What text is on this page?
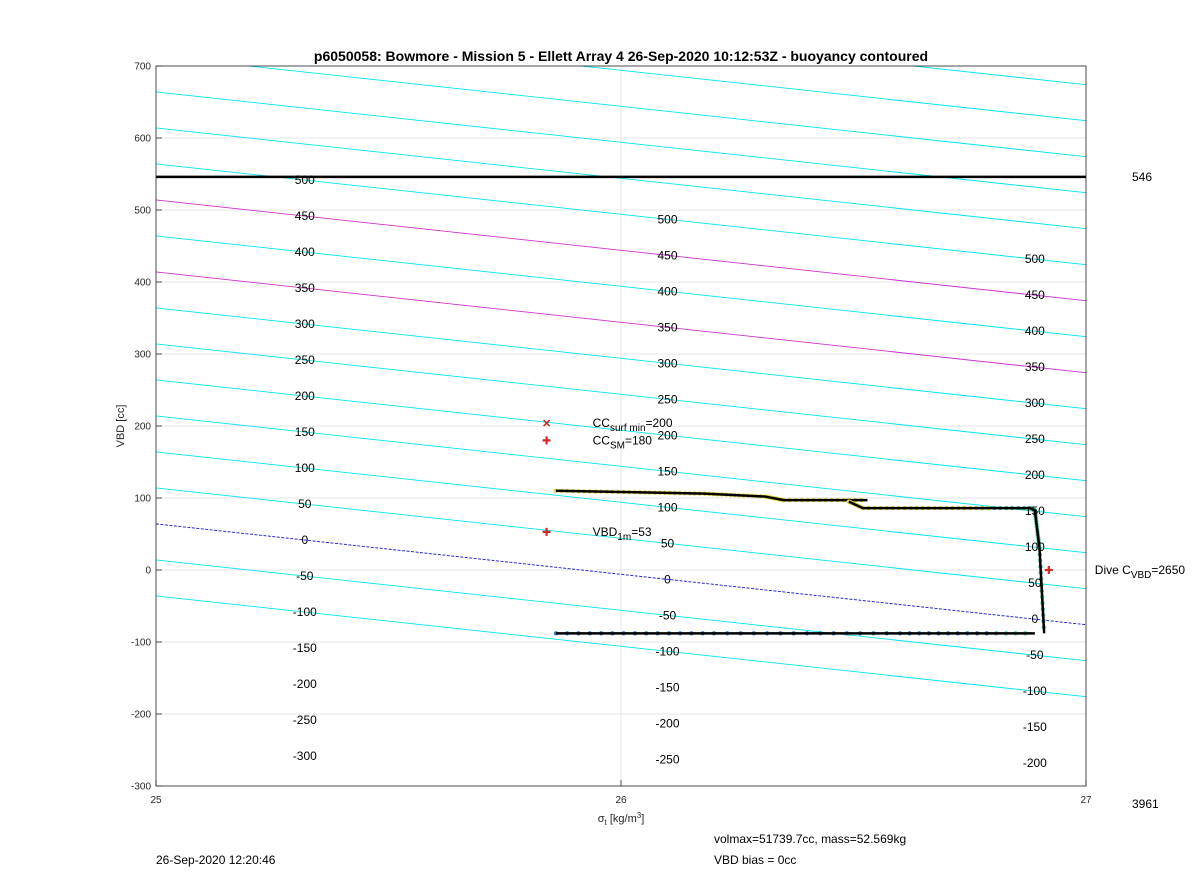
500
450
400
350
300
250
200
150
100
50
0
-50
-100
-150
-200
-250
-300
500
450
400
350
300
250
200
150
100
50
0
-50
-100
-150
-200
-250
500
450
400
350
300
250
200
150
100
50
0
-50
-100
-150
-200
$CC_{surf min}=200$
$CC_{SM}=180$
$VBD_{1m}=53$
Dive $C_{VBD}=2650$
25	26	27
-300
-200
-100
0
100
200
300
400
500
600
700
p6050058: Bowmore - Mission 5 - Ellett Array 4 26-Sep-2020 10:12:53Z - buoyancy contoured
VBD [cc]
$\sigma_t$ $[kg/m^3]$
546
3961
26-Sep-2020 12:20:46
volmax=51739.7cc, mass=52.569kg
VBD bias = 0cc
